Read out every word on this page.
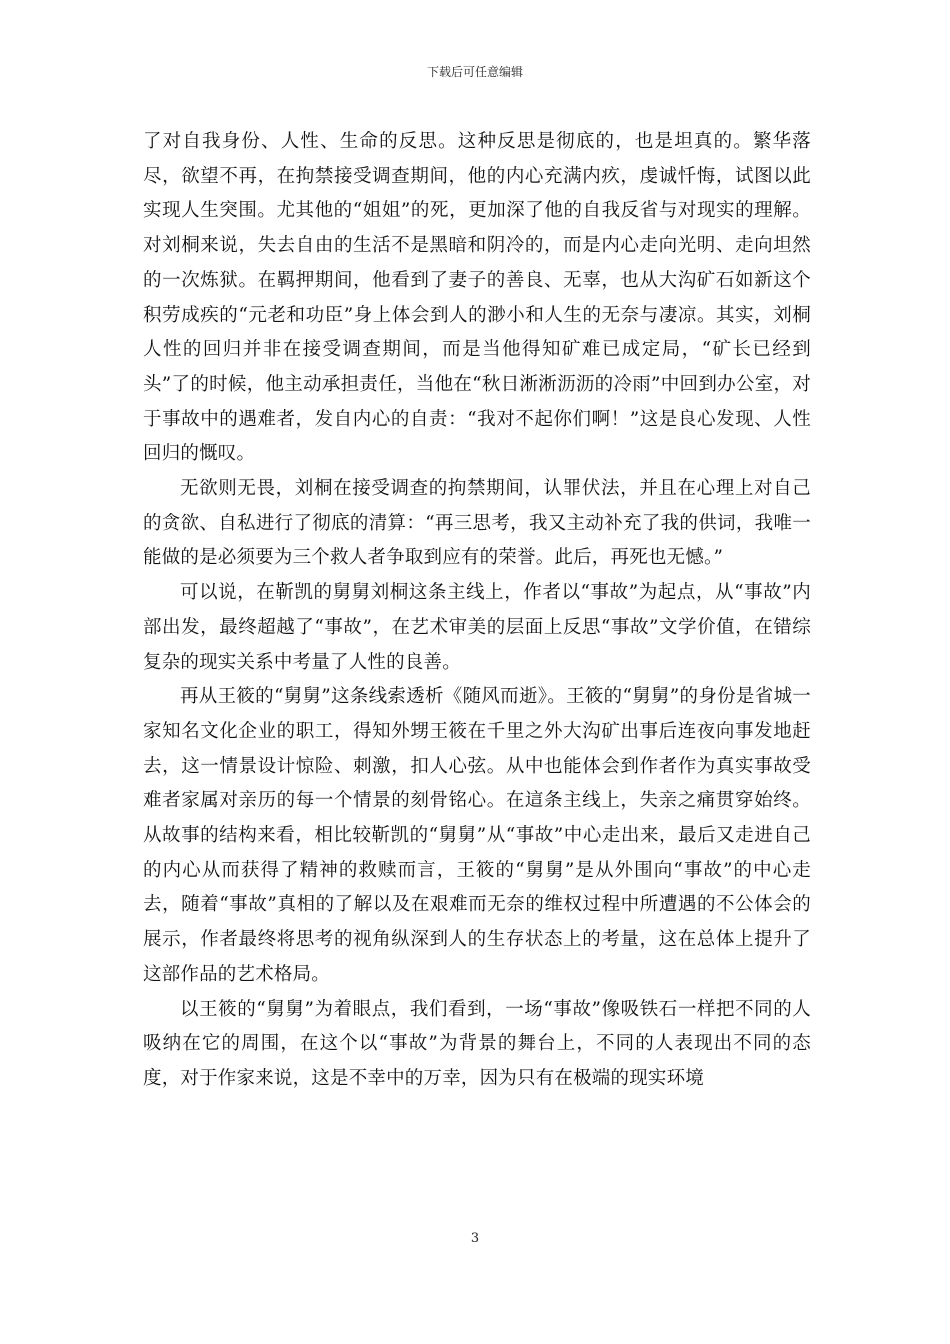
下载后可任意编辑

了对自我身份、人性、生命的反思。这种反思是彻底的，也是坦真的。繁华落尽，欲望不再，在拘禁接受调查期间，他的内心充满内疚，虔诚忏悔，试图以此实现人生突围。尤其他的“姐姐”的死，更加深了他的自我反省与对现实的理解。对刘桐来说，失去自由的生活不是黑暗和阴冷的，而是内心走向光明、走向坦然的一次炼狱。在羁押期间，他看到了妻子的善良、无辜，也从大沟矿石如新这个积劳成疾的“元老和功臣”身上体会到人的渺小和人生的无奈与凄凉。其实，刘桐人性的回归并非在接受调查期间，而是当他得知矿难已成定局，“矿长已经到头”了的时候，他主动承担责任，当他在“秋日淅淅沥沥的冷雨”中回到办公室，对于事故中的遇难者，发自内心的自责：“我对不起你们啊！”这是良心发现、人性回归的慨叹。

无欲则无畏，刘桐在接受调查的拘禁期间，认罪伏法，并且在心理上对自己的贪欲、自私进行了彻底的清算：“再三思考，我又主动补充了我的供词，我唯一能做的是必须要为三个救人者争取到应有的荣誉。此后，再死也无憾。”

可以说，在靳凯的舅舅刘桐这条主线上，作者以“事故”为起点，从“事故”内部出发，最终超越了“事故”，在艺术审美的层面上反思“事故”文学价值，在错综复杂的现实关系中考量了人性的良善。

再从王筱的“舅舅”这条线索透析《随风而逝》。王筱的“舅舅”的身份是省城一家知名文化企业的职工，得知外甥王筱在千里之外大沟矿出事后连夜向事发地赶去，这一情景设计惊险、刺激，扣人心弦。从中也能体会到作者作为真实事故受难者家属对亲历的每一个情景的刻骨铭心。在這条主线上，失亲之痛贯穿始终。从故事的结构来看，相比较靳凯的“舅舅”从“事故”中心走出来，最后又走进自己的内心从而获得了精神的救赎而言，王筱的“舅舅”是从外围向“事故”的中心走去，随着“事故”真相的了解以及在艰难而无奈的维权过程中所遭遇的不公体会的展示，作者最终将思考的视角纵深到人的生存状态上的考量，这在总体上提升了这部作品的艺术格局。

以王筱的“舅舅”为着眼点，我们看到，一场“事故”像吸铁石一样把不同的人吸纳在它的周围，在这个以“事故”为背景的舞台上，不同的人表现出不同的态度，对于作家来说，这是不幸中的万幸，因为只有在极端的现实环境

3
